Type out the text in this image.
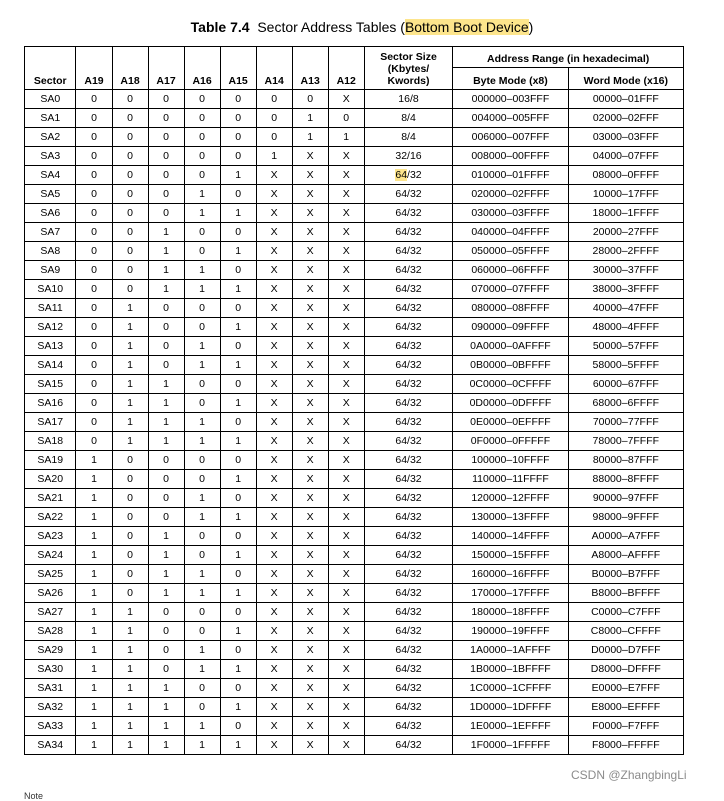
Table 7.4 Sector Address Tables (Bottom Boot Device)
Sector	A19	A18	A17	A16	A15	A14	A13	A12	Sector Size
(Kbytes/
Kwords)	Address Range (in hexadecimal)	
										Byte Mode (x8)	Word Mode (x16)
SA0	0	0	0	0	0	0	0	X	16/8	000000–003FFF	00000–01FFF
SA1	0	0	0	0	0	0	1	0	8/4	004000–005FFF	02000–02FFF
SA2	0	0	0	0	0	0	1	1	8/4	006000–007FFF	03000–03FFF
SA3	0	0	0	0	0	1	X	X	32/16	008000–00FFFF	04000–07FFF
SA4	0	0	0	0	1	X	X	X	64/32	010000–01FFFF	08000–0FFFF
SA5	0	0	0	1	0	X	X	X	64/32	020000–02FFFF	10000–17FFF
SA6	0	0	0	1	1	X	X	X	64/32	030000–03FFFF	18000–1FFFF
SA7	0	0	1	0	0	X	X	X	64/32	040000–04FFFF	20000–27FFF
SA8	0	0	1	0	1	X	X	X	64/32	050000–05FFFF	28000–2FFFF
SA9	0	0	1	1	0	X	X	X	64/32	060000–06FFFF	30000–37FFF
SA10	0	0	1	1	1	X	X	X	64/32	070000–07FFFF	38000–3FFFF
SA11	0	1	0	0	0	X	X	X	64/32	080000–08FFFF	40000–47FFF
SA12	0	1	0	0	1	X	X	X	64/32	090000–09FFFF	48000–4FFFF
SA13	0	1	0	1	0	X	X	X	64/32	0A0000–0AFFFF	50000–57FFF
SA14	0	1	0	1	1	X	X	X	64/32	0B0000–0BFFFF	58000–5FFFF
SA15	0	1	1	0	0	X	X	X	64/32	0C0000–0CFFFF	60000–67FFF
SA16	0	1	1	0	1	X	X	X	64/32	0D0000–0DFFFF	68000–6FFFF
SA17	0	1	1	1	0	X	X	X	64/32	0E0000–0EFFFF	70000–77FFF
SA18	0	1	1	1	1	X	X	X	64/32	0F0000–0FFFFF	78000–7FFFF
SA19	1	0	0	0	0	X	X	X	64/32	100000–10FFFF	80000–87FFF
SA20	1	0	0	0	1	X	X	X	64/32	110000–11FFFF	88000–8FFFF
SA21	1	0	0	1	0	X	X	X	64/32	120000–12FFFF	90000–97FFF
SA22	1	0	0	1	1	X	X	X	64/32	130000–13FFFF	98000–9FFFF
SA23	1	0	1	0	0	X	X	X	64/32	140000–14FFFF	A0000–A7FFF
SA24	1	0	1	0	1	X	X	X	64/32	150000–15FFFF	A8000–AFFFF
SA25	1	0	1	1	0	X	X	X	64/32	160000–16FFFF	B0000–B7FFF
SA26	1	0	1	1	1	X	X	X	64/32	170000–17FFFF	B8000–BFFFF
SA27	1	1	0	0	0	X	X	X	64/32	180000–18FFFF	C0000–C7FFF
SA28	1	1	0	0	1	X	X	X	64/32	190000–19FFFF	C8000–CFFFF
SA29	1	1	0	1	0	X	X	X	64/32	1A0000–1AFFFF	D0000–D7FFF
SA30	1	1	0	1	1	X	X	X	64/32	1B0000–1BFFFF	D8000–DFFFF
SA31	1	1	1	0	0	X	X	X	64/32	1C0000–1CFFFF	E0000–E7FFF
SA32	1	1	1	0	1	X	X	X	64/32	1D0000–1DFFFF	E8000–EFFFF
SA33	1	1	1	1	0	X	X	X	64/32	1E0000–1EFFFF	F0000–F7FFF
SA34	1	1	1	1	1	X	X	X	64/32	1F0000–1FFFFF	F8000–FFFFF
CSDN @ZhangbingLi
Note
